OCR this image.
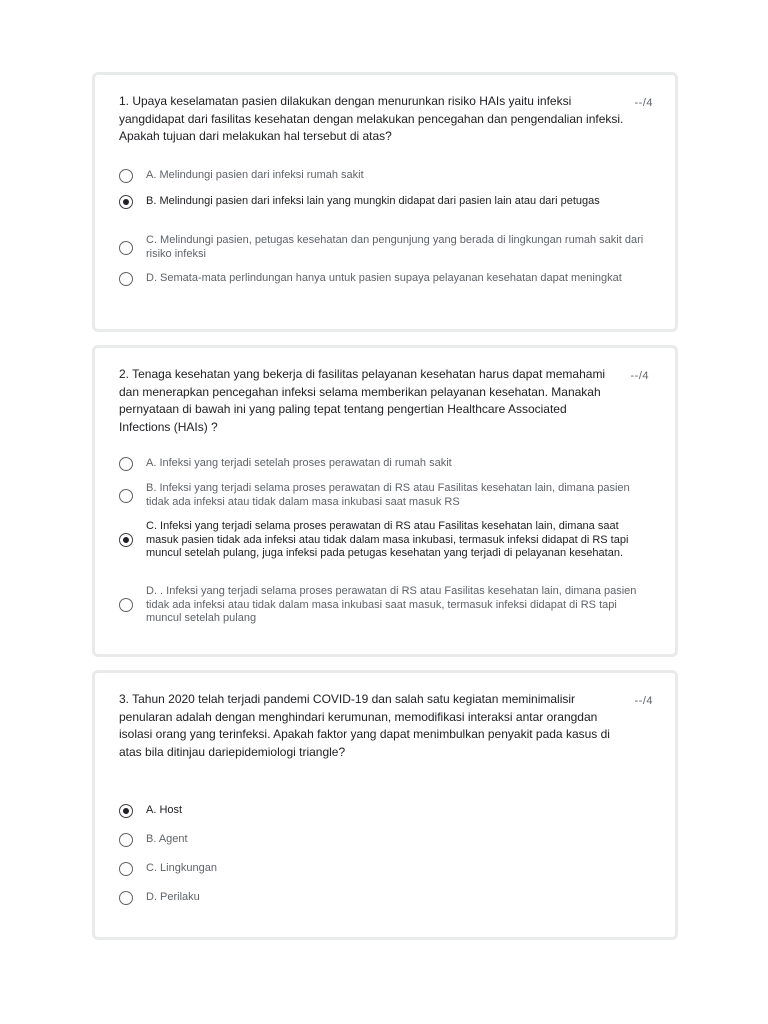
1. Upaya keselamatan pasien dilakukan dengan menurunkan risiko HAIs yaitu infeksi yangdidapat dari fasilitas kesehatan dengan melakukan pencegahan dan pengendalian infeksi. Apakah tujuan dari melakukan hal tersebut di atas?

--/4
A. Melindungi pasien dari infeksi rumah sakit
B. Melindungi pasien dari infeksi lain yang mungkin didapat dari pasien lain atau dari petugas
C. Melindungi pasien, petugas kesehatan dan pengunjung yang berada di lingkungan rumah sakit dari risiko infeksi
D. Semata-mata perlindungan hanya untuk pasien supaya pelayanan kesehatan dapat meningkat

2. Tenaga kesehatan yang bekerja di fasilitas pelayanan kesehatan harus dapat memahami dan menerapkan pencegahan infeksi selama memberikan pelayanan kesehatan. Manakah pernyataan di bawah ini yang paling tepat tentang pengertian Healthcare Associated Infections (HAIs) ?

--/4
A. Infeksi yang terjadi setelah proses perawatan di rumah sakit
B. Infeksi yang terjadi selama proses perawatan di RS atau Fasilitas kesehatan lain, dimana pasien tidak ada infeksi atau tidak dalam masa inkubasi saat masuk RS
C. Infeksi yang terjadi selama proses perawatan di RS atau Fasilitas kesehatan lain, dimana saat masuk pasien tidak ada infeksi atau tidak dalam masa inkubasi, termasuk infeksi didapat di RS tapi muncul setelah pulang, juga infeksi pada petugas kesehatan yang terjadi di pelayanan kesehatan.
D. . Infeksi yang terjadi selama proses perawatan di RS atau Fasilitas kesehatan lain, dimana pasien tidak ada infeksi atau tidak dalam masa inkubasi saat masuk, termasuk infeksi didapat di RS tapi muncul setelah pulang

3. Tahun 2020 telah terjadi pandemi COVID-19 dan salah satu kegiatan meminimalisir penularan adalah dengan menghindari kerumunan, memodifikasi interaksi antar orangdan isolasi orang yang terinfeksi. Apakah faktor yang dapat menimbulkan penyakit pada kasus di atas bila ditinjau dariepidemiologi triangle?

--/4
A. Host
B. Agent
C. Lingkungan
D. Perilaku
